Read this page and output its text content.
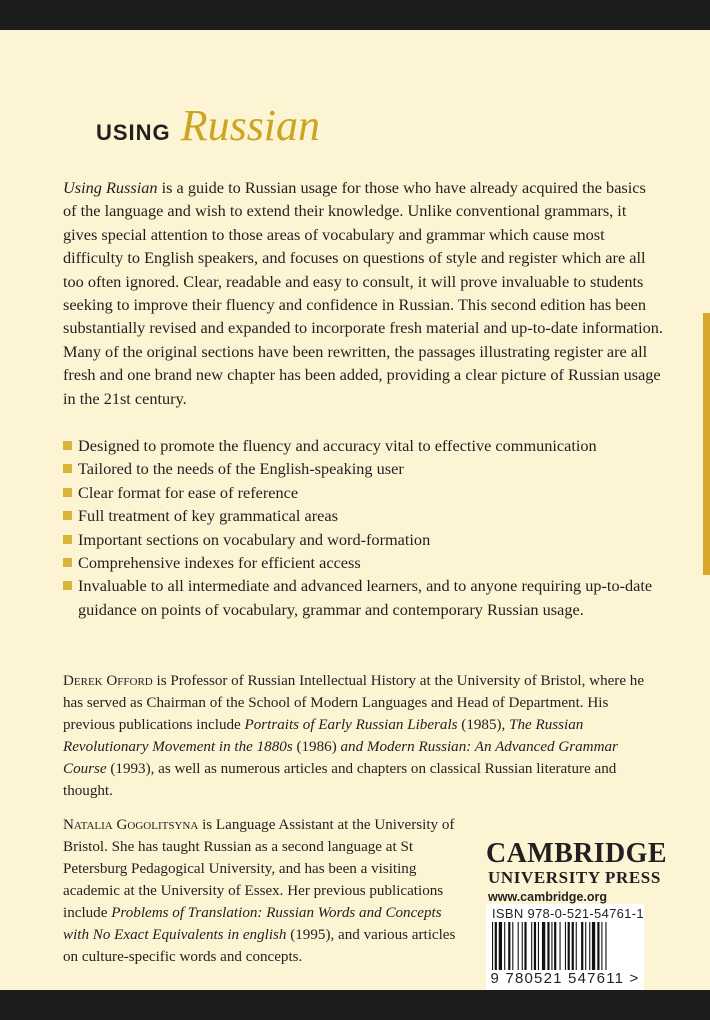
USING Russian

Using Russian is a guide to Russian usage for those who have already acquired the basics of the language and wish to extend their knowledge. Unlike conventional grammars, it gives special attention to those areas of vocabulary and grammar which cause most difficulty to English speakers, and focuses on questions of style and register which are all too often ignored. Clear, readable and easy to consult, it will prove invaluable to students seeking to improve their fluency and confidence in Russian. This second edition has been substantially revised and expanded to incorporate fresh material and up-to-date information. Many of the original sections have been rewritten, the passages illustrating register are all fresh and one brand new chapter has been added, providing a clear picture of Russian usage in the 21st century.

Designed to promote the fluency and accuracy vital to effective communication
Tailored to the needs of the English-speaking user
Clear format for ease of reference
Full treatment of key grammatical areas
Important sections on vocabulary and word-formation
Comprehensive indexes for efficient access
Invaluable to all intermediate and advanced learners, and to anyone requiring up-to-date guidance on points of vocabulary, grammar and contemporary Russian usage.

Derek Offord is Professor of Russian Intellectual History at the University of Bristol, where he has served as Chairman of the School of Modern Languages and Head of Department. His previous publications include Portraits of Early Russian Liberals (1985), The Russian Revolutionary Movement in the 1880s (1986) and Modern Russian: An Advanced Grammar Course (1993), as well as numerous articles and chapters on classical Russian literature and thought.

Natalia Gogolitsyna is Language Assistant at the University of Bristol. She has taught Russian as a second language at St Petersburg Pedagogical University, and has been a visiting academic at the University of Essex. Her previous publications include Problems of Translation: Russian Words and Concepts with No Exact Equivalents in english (1995), and various articles on culture-specific words and concepts.

CAMBRIDGE
UNIVERSITY PRESS
www.cambridge.org
ISBN 978-0-521-54761-1
9 780521 547611 >
